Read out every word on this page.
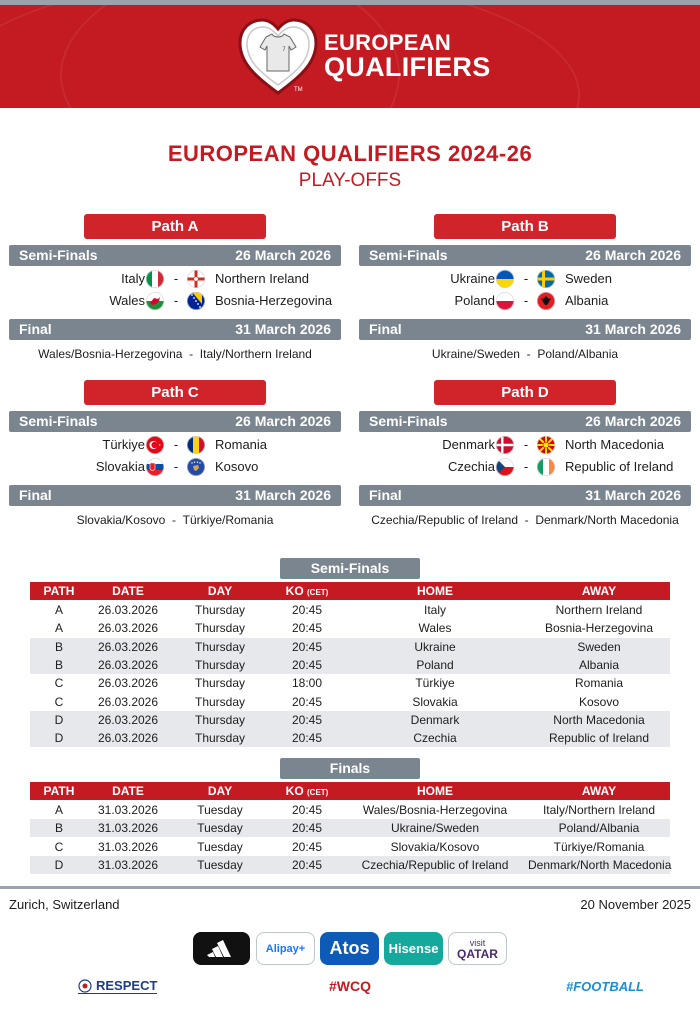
7 EUROPEAN
QUALIFIERS
TM
EUROPEAN QUALIFIERS 2024-26
PLAY-OFFS
Path A
Semi-Finals	26 March 2026
Italy -	Northern Ireland
Wales -	Bosnia-Herzegovina
Final	31 March 2026
Wales/Bosnia-Herzegovina  -  Italy/Northern Ireland
Path B
Semi-Finals	26 March 2026
Ukraine -	Sweden
Poland -	Albania
Final	31 March 2026
Ukraine/Sweden  -  Poland/Albania
Path C
Semi-Finals	26 March 2026
Türkiye -	Romania
Slovakia -	Kosovo
Final	31 March 2026
Slovakia/Kosovo  -  Türkiye/Romania
Path D
Semi-Finals	26 March 2026
Denmark -	North Macedonia
Czechia -	Republic of Ireland
Final	31 March 2026
Czechia/Republic of Ireland  -  Denmark/North Macedonia
Semi-Finals
PATH	DATE	DAY	KO (CET)	HOME	AWAY
A	26.03.2026	Thursday	20:45	Italy	Northern Ireland
A	26.03.2026	Thursday	20:45	Wales	Bosnia-Herzegovina
B	26.03.2026	Thursday	20:45	Ukraine	Sweden
B	26.03.2026	Thursday	20:45	Poland	Albania
C	26.03.2026	Thursday	18:00	Türkiye	Romania
C	26.03.2026	Thursday	20:45	Slovakia	Kosovo
D	26.03.2026	Thursday	20:45	Denmark	North Macedonia
D	26.03.2026	Thursday	20:45	Czechia	Republic of Ireland
Finals
PATH	DATE	DAY	KO (CET)	HOME	AWAY
A	31.03.2026	Tuesday	20:45	Wales/Bosnia-Herzegovina	Italy/Northern Ireland
B	31.03.2026	Tuesday	20:45	Ukraine/Sweden	Poland/Albania
C	31.03.2026	Tuesday	20:45	Slovakia/Kosovo	Türkiye/Romania
D	31.03.2026	Tuesday	20:45	Czechia/Republic of Ireland	Denmark/North Macedonia
Zurich, Switzerland	20 November 2025
Alipay+	Atos	Hisense	visit
QATAR
RESPECT	#WCQ	#FOOTBALL
